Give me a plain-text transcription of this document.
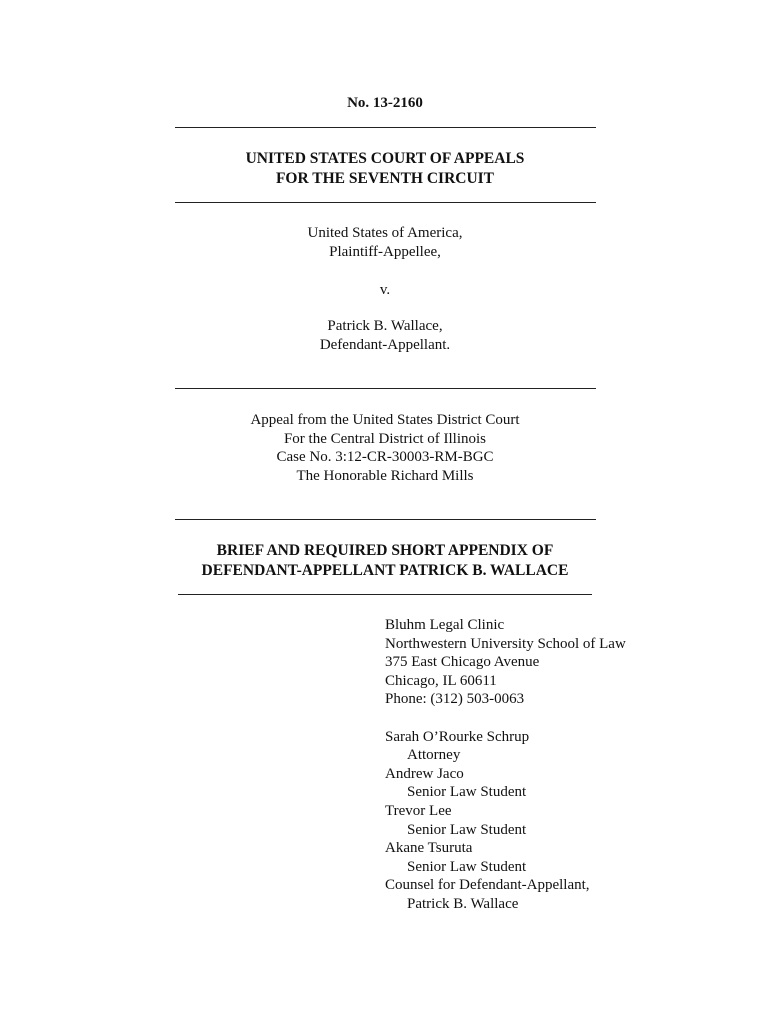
No. 13-2160
UNITED STATES COURT OF APPEALS
FOR THE SEVENTH CIRCUIT
United States of America,
Plaintiff-Appellee,
v.
Patrick B. Wallace,
Defendant-Appellant.
Appeal from the United States District Court
For the Central District of Illinois
Case No. 3:12-CR-30003-RM-BGC
The Honorable Richard Mills
BRIEF AND REQUIRED SHORT APPENDIX OF
DEFENDANT-APPELLANT PATRICK B. WALLACE
Bluhm Legal Clinic
Northwestern University School of Law
375 East Chicago Avenue
Chicago, IL 60611
Phone: (312) 503-0063
Sarah O’Rourke Schrup
Attorney
Andrew Jaco
Senior Law Student
Trevor Lee
Senior Law Student
Akane Tsuruta
Senior Law Student
Counsel for Defendant-Appellant,
Patrick B. Wallace
